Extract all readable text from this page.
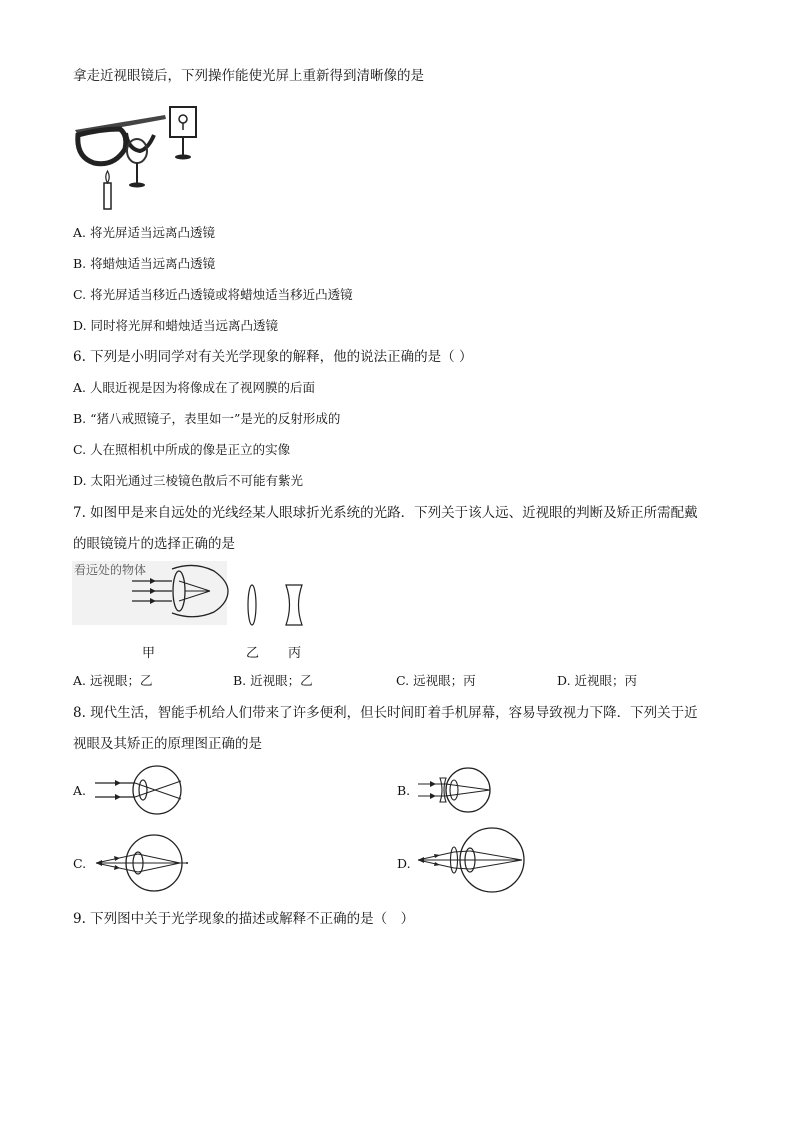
拿走近视眼镜后，下列操作能使光屏上重新得到清晰像的是
A. 将光屏适当远离凸透镜
B. 将蜡烛适当远离凸透镜
C. 将光屏适当移近凸透镜或将蜡烛适当移近凸透镜
D. 同时将光屏和蜡烛适当远离凸透镜
6. 下列是小明同学对有关光学现象的解释，他的说法正确的是（ ）
A. 人眼近视是因为将像成在了视网膜的后面
B. “猪八戒照镜子，表里如一”是光的反射形成的
C. 人在照相机中所成的像是正立的实像
D. 太阳光通过三棱镜色散后不可能有紫光
7. 如图甲是来自远处的光线经某人眼球折光系统的光路．下列关于该人远、近视眼的判断及矫正所需配戴
的眼镜镜片的选择正确的是
看远处的物体
甲	乙 丙
A. 远视眼；乙	B. 近视眼；乙	C. 远视眼；丙	D. 近视眼；丙
8. 现代生活，智能手机给人们带来了许多便利，但长时间盯着手机屏幕，容易导致视力下降．下列关于近
视眼及其矫正的原理图正确的是
A.	B.
C.	D.
9. 下列图中关于光学现象的描述或解释不正确的是（　）
